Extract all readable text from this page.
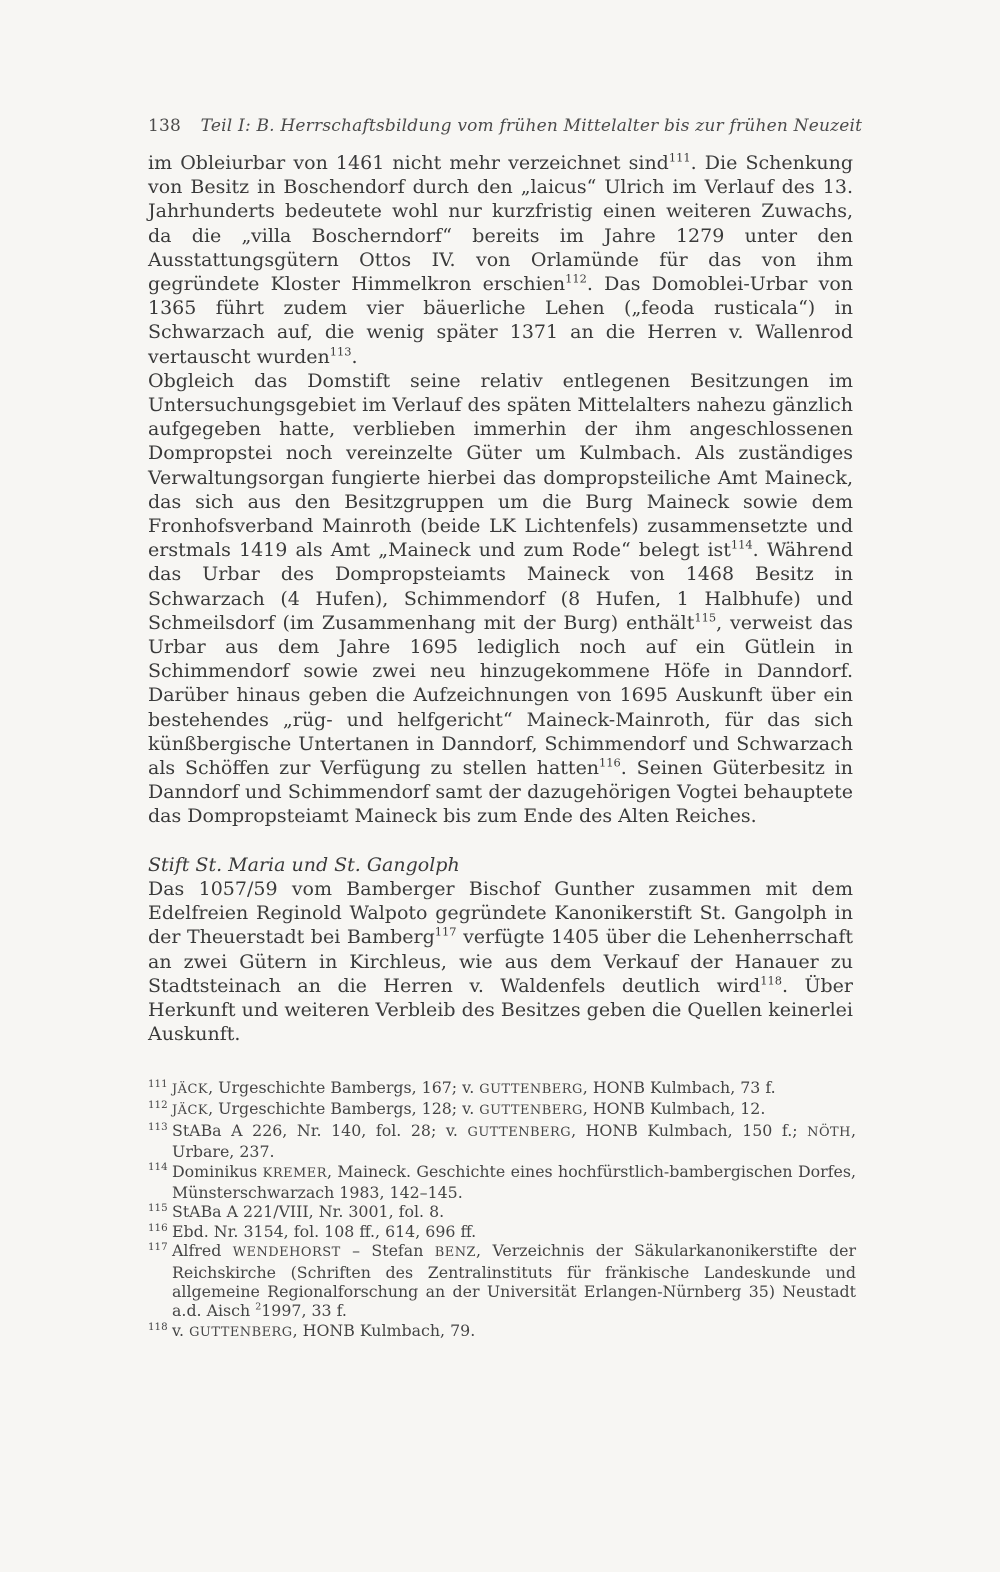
138 Teil I: B. Herrschaftsbildung vom frühen Mittelalter bis zur frühen Neuzeit

im Obleiurbar von 1461 nicht mehr verzeichnet sind$^{111}$. Die Schenkung von Besitz in Boschendorf durch den „laicus“ Ulrich im Verlauf des 13. Jahrhunderts bedeutete wohl nur kurzfristig einen weiteren Zuwachs, da die „villa Boscherndorf“ bereits im Jahre 1279 unter den Ausstattungsgütern Ottos IV. von Orlamünde für das von ihm gegründete Kloster Himmelkron erschien$^{112}$. Das Domoblei-Urbar von 1365 führt zudem vier bäuerliche Lehen („feoda rusticala“) in Schwarzach auf, die wenig später 1371 an die Herren v. Wallenrod vertauscht wurden$^{113}$.

Obgleich das Domstift seine relativ entlegenen Besitzungen im Untersuchungsgebiet im Verlauf des späten Mittelalters nahezu gänzlich aufgegeben hatte, verblieben immerhin der ihm angeschlossenen Dompropstei noch vereinzelte Güter um Kulmbach. Als zuständiges Verwaltungsorgan fungierte hierbei das dompropsteiliche Amt Maineck, das sich aus den Besitzgruppen um die Burg Maineck sowie dem Fronhofsverband Mainroth (beide LK Lichtenfels) zusammensetzte und erstmals 1419 als Amt „Maineck und zum Rode“ belegt ist$^{114}$. Während das Urbar des Dompropsteiamts Maineck von 1468 Besitz in Schwarzach (4 Hufen), Schimmendorf (8 Hufen, 1 Halbhufe) und Schmeilsdorf (im Zusammenhang mit der Burg) enthält$^{115}$, verweist das Urbar aus dem Jahre 1695 lediglich noch auf ein Gütlein in Schimmendorf sowie zwei neu hinzugekommene Höfe in Danndorf. Darüber hinaus geben die Aufzeichnungen von 1695 Auskunft über ein bestehendes „rüg- und helfgericht“ Maineck-Mainroth, für das sich künßbergische Untertanen in Danndorf, Schimmendorf und Schwarzach als Schöffen zur Verfügung zu stellen hatten$^{116}$. Seinen Güterbesitz in Danndorf und Schimmendorf samt der dazugehörigen Vogtei behauptete das Dompropsteiamt Maineck bis zum Ende des Alten Reiches.

Stift St. Maria und St. Gangolph

Das 1057/59 vom Bamberger Bischof Gunther zusammen mit dem Edelfreien Reginold Walpoto gegründete Kanonikerstift St. Gangolph in der Theuerstadt bei Bamberg$^{117}$ verfügte 1405 über die Lehenherrschaft an zwei Gütern in Kirchleus, wie aus dem Verkauf der Hanauer zu Stadtsteinach an die Herren v. Waldenfels deutlich wird$^{118}$. Über Herkunft und weiteren Verbleib des Besitzes geben die Quellen keinerlei Auskunft.

111 JÄCK, Urgeschichte Bambergs, 167; v. GUTTENBERG, HONB Kulmbach, 73 f.

112 JÄCK, Urgeschichte Bambergs, 128; v. GUTTENBERG, HONB Kulmbach, 12.

113 StABa A 226, Nr. 140, fol. 28; v. GUTTENBERG, HONB Kulmbach, 150 f.; NÖTH, Urbare, 237.

114 Dominikus KREMER, Maineck. Geschichte eines hochfürstlich-bambergischen Dorfes, Münsterschwarzach 1983, 142–145.

115 StABa A 221/VIII, Nr. 3001, fol. 8.

116 Ebd. Nr. 3154, fol. 108 ff., 614, 696 ff.

117 Alfred WENDEHORST – Stefan BENZ, Verzeichnis der Säkularkanonikerstifte der Reichskirche (Schriften des Zentralinstituts für fränkische Landeskunde und allgemeine Regionalforschung an der Universität Erlangen-Nürnberg 35) Neustadt a.d. Aisch $^2$1997, 33 f.

118 v. GUTTENBERG, HONB Kulmbach, 79.
